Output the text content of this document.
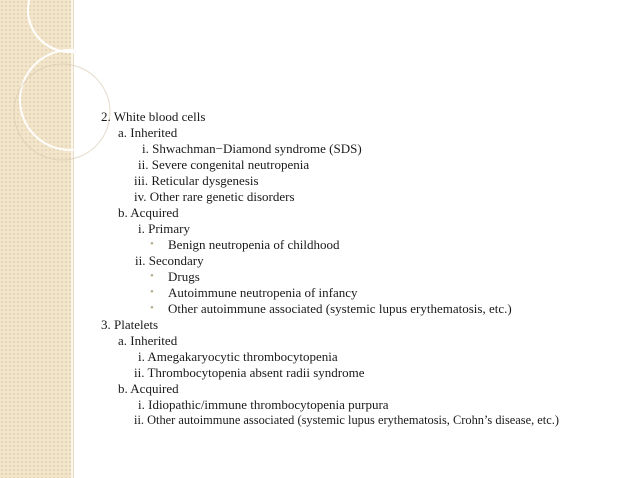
2. White blood cells
a. Inherited
i. Shwachman−Diamond syndrome (SDS)
ii. Severe congenital neutropenia
iii. Reticular dysgenesis
iv. Other rare genetic disorders
b. Acquired
i. Primary
• Benign neutropenia of childhood
ii. Secondary
• Drugs
• Autoimmune neutropenia of infancy
• Other autoimmune associated (systemic lupus erythematosis, etc.)
3. Platelets
a. Inherited
i. Amegakaryocytic thrombocytopenia
ii. Thrombocytopenia absent radii syndrome
b. Acquired
i. Idiopathic/immune thrombocytopenia purpura
ii. Other autoimmune associated (systemic lupus erythematosis, Crohn’s disease, etc.)
